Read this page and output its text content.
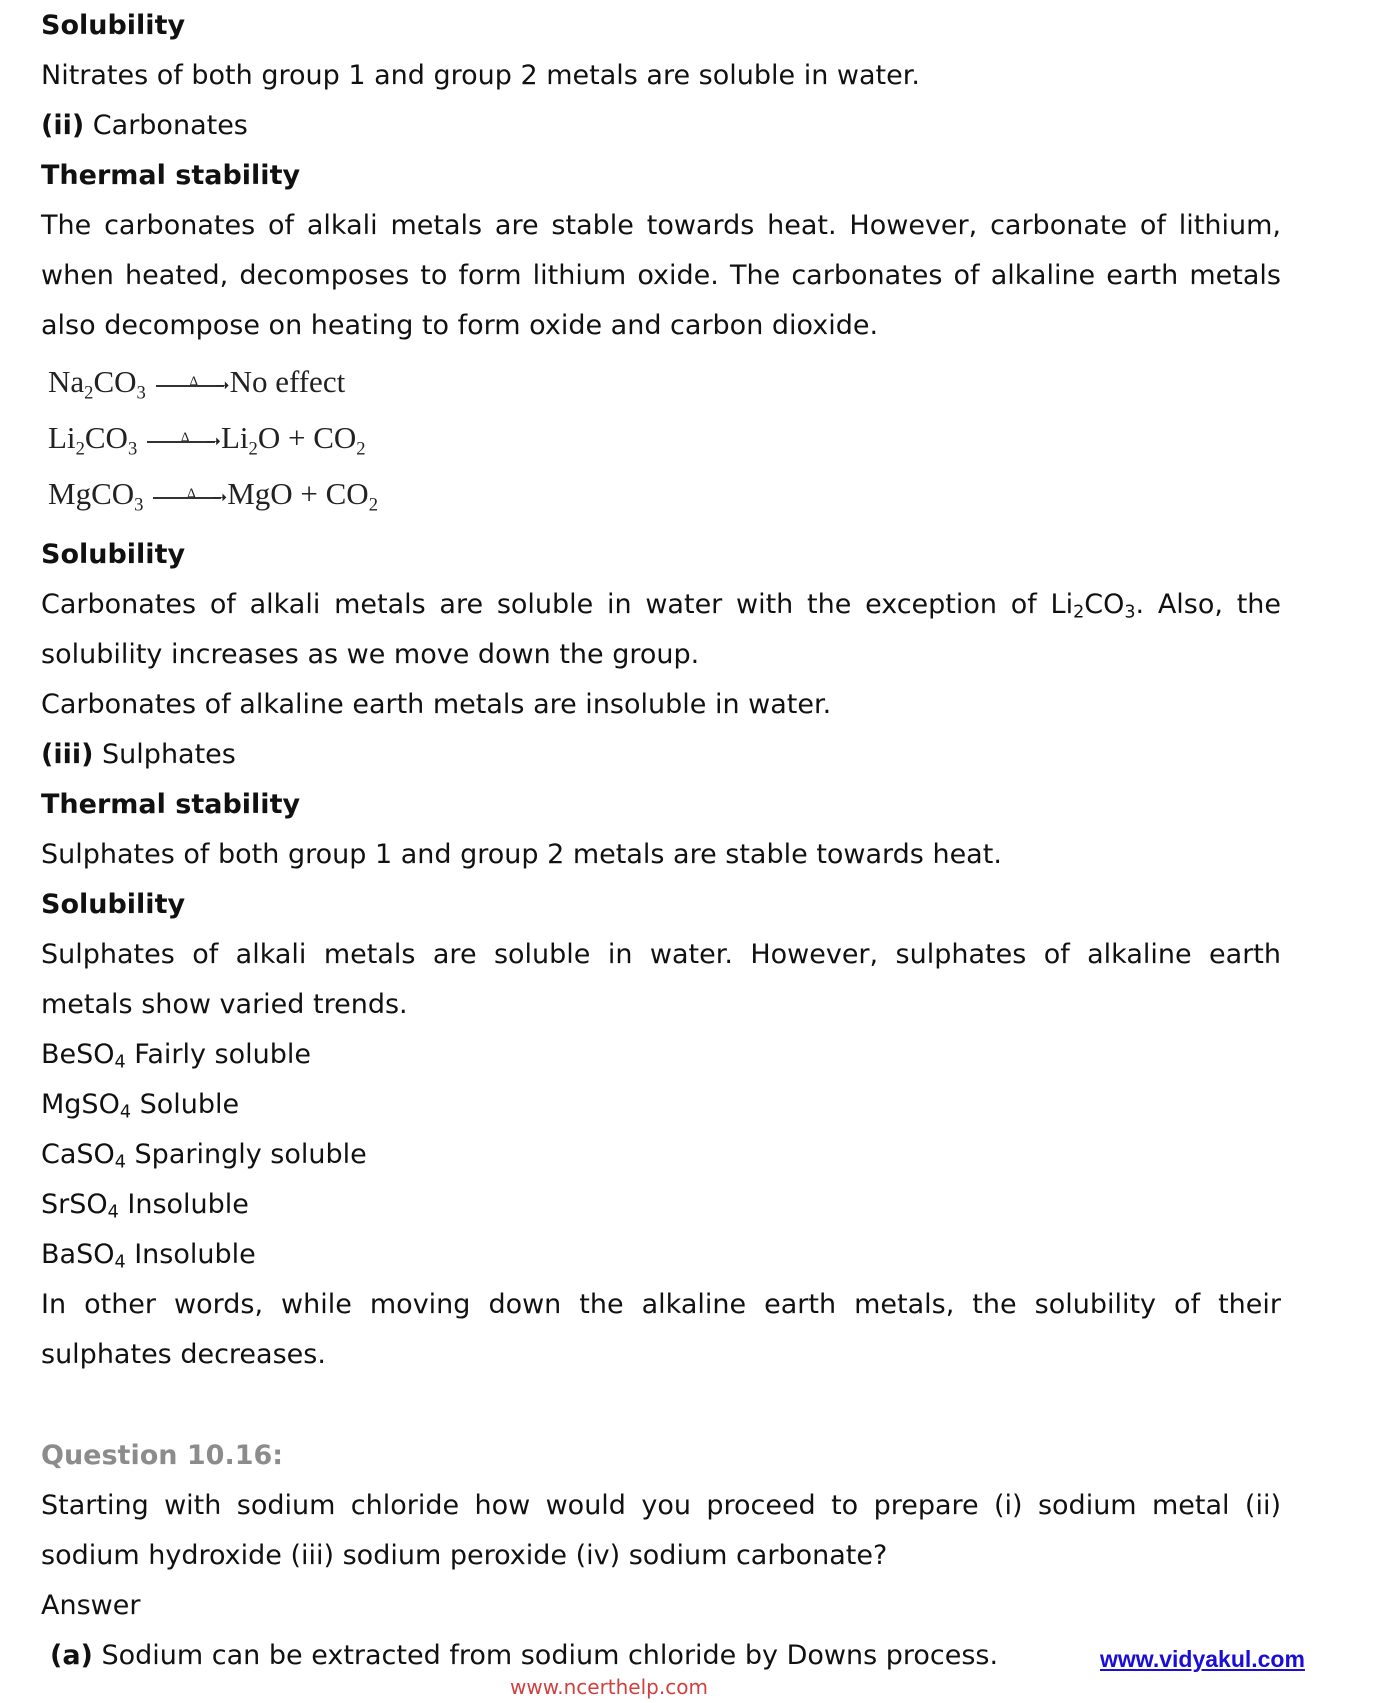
Solubility
Nitrates of both group 1 and group 2 metals are soluble in water.
(ii) Carbonates
Thermal stability
The carbonates of alkali metals are stable towards heat. However, carbonate of lithium,
when heated, decomposes to form lithium oxide. The carbonates of alkaline earth metals
also decompose on heating to form oxide and carbon dioxide.
$Na_2CO_3$	➝
Δ No effect
$Li_2CO_3$	➝
Δ $Li_2O + CO_2$
MgCO$_3$	➝
Δ MgO + $CO_2$
Solubility
Carbonates of alkali metals are soluble in water with the exception of $Li_2CO_3$. Also, the
solubility increases as we move down the group.
Carbonates of alkaline earth metals are insoluble in water.
(iii) Sulphates
Thermal stability
Sulphates of both group 1 and group 2 metals are stable towards heat.
Solubility
Sulphates of alkali metals are soluble in water. However, sulphates of alkaline earth
metals show varied trends.
BeSO$_4$ Fairly soluble
MgSO$_4$ Soluble
CaSO$_4$ Sparingly soluble
SrSO$_4$ Insoluble
BaSO$_4$ Insoluble
In other words, while moving down the alkaline earth metals, the solubility of their
sulphates decreases.
Question 10.16:
Starting with sodium chloride how would you proceed to prepare (i) sodium metal (ii)
sodium hydroxide (iii) sodium peroxide (iv) sodium carbonate?
Answer
(a) Sodium can be extracted from sodium chloride by Downs process.
www.ncerthelp.com
www.vidyakul.com
